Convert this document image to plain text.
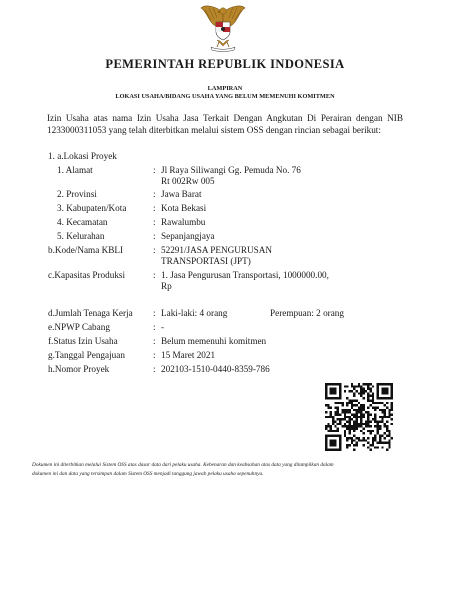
PEMERINTAH REPUBLIK INDONESIA
LAMPIRAN
LOKASI USAHA/BIDANG USAHA YANG BELUM MEMENUHI KOMITMEN
Izin Usaha atas nama Izin Usaha Jasa Terkait Dengan Angkutan Di Perairan dengan NIB 1233000311053 yang telah diterbitkan melalui sistem OSS dengan rincian sebagai berikut:
1. a.Lokasi Proyek
1. Alamat	: Jl Raya Siliwangi Gg. Pemuda No. 76
Rt 002Rw 005
2. Provinsi	: Jawa Barat
3. Kabupaten/Kota	: Kota Bekasi
4. Kecamatan	: Rawalumbu
5. Kelurahan	: Sepanjangjaya
b.Kode/Nama KBLI	: 52291/JASA PENGURUSAN
TRANSPORTASI (JPT)
c.Kapasitas Produksi	: 1. Jasa Pengurusan Transportasi, 1000000.00,
Rp
d.Jumlah Tenaga Kerja : Laki-laki: 4 orang	Perempuan: 2 orang
e.NPWP Cabang	: -
f.Status Izin Usaha	: Belum memenuhi komitmen
g.Tanggal Pengajuan	: 15 Maret 2021
h.Nomor Proyek	: 202103-1510-0440-8359-786
Dokumen ini diterbitkan melalui Sistem OSS atas dasar data dari pelaku usaha. Kebenaran dan keabsahan atas data yang ditampilkan dalam
dokumen ini dan data yang tersimpan dalam Sistem OSS menjadi tanggung jawab pelaku usaha sepenuhnya.
